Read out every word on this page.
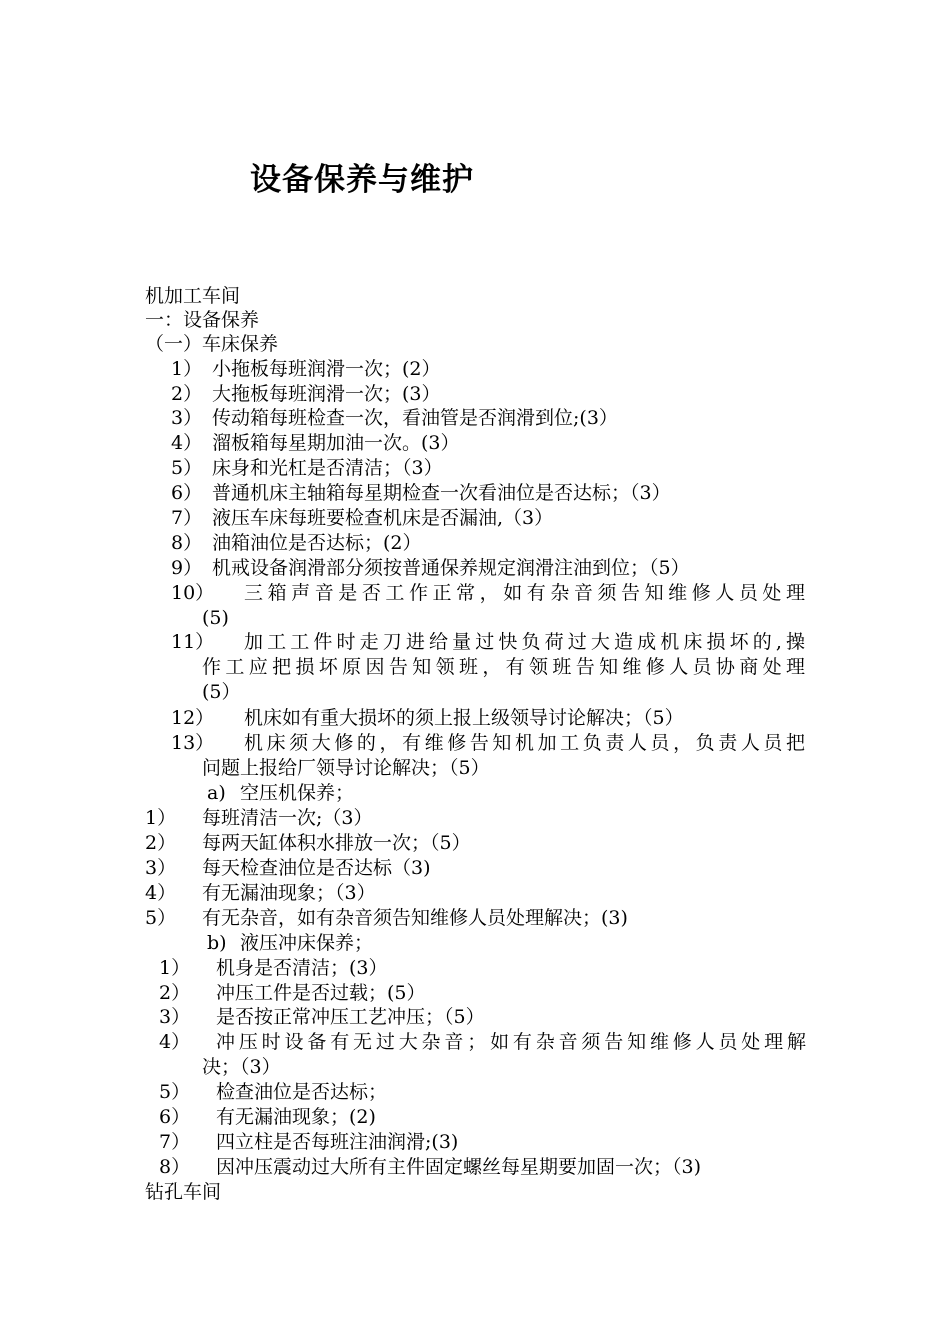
设备保养与维护
机加工车间
一：设备保养
（一）车床保养
1） 小拖板每班润滑一次；(2）
2） 大拖板每班润滑一次；(3）
3） 传动箱每班检查一次，看油管是否润滑到位;(3）
4） 溜板箱每星期加油一次。(3）
5） 床身和光杠是否清洁；（3）
6） 普通机床主轴箱每星期检查一次看油位是否达标；（3）
7） 液压车床每班要检查机床是否漏油,（3）
8） 油箱油位是否达标；(2）
9） 机戒设备润滑部分须按普通保养规定润滑注油到位；（5）
10） 三箱声音是否工作正常，如有杂音须告知维修人员处理
(5)
11） 加工工件时走刀进给量过快负荷过大造成机床损坏的,操
作工应把损坏原因告知领班，有领班告知维修人员协商处理
(5）
12） 机床如有重大损坏的须上报上级领导讨论解决；（5）
13） 机床须大修的，有维修告知机加工负责人员，负责人员把
问题上报给厂领导讨论解决；（5）
a) 空压机保养；
1） 每班清洁一次;（3）
2） 每两天缸体积水排放一次；（5）
3） 每天检查油位是否达标（3)
4） 有无漏油现象；（3）
5） 有无杂音，如有杂音须告知维修人员处理解决；(3)
b) 液压冲床保养；
1） 机身是否清洁；(3）
2） 冲压工件是否过载；(5）
3） 是否按正常冲压工艺冲压；（5）
4） 冲压时设备有无过大杂音；如有杂音须告知维修人员处理解
决；（3）
5） 检查油位是否达标；
6） 有无漏油现象；(2)
7） 四立柱是否每班注油润滑;(3)
8） 因冲压震动过大所有主件固定螺丝每星期要加固一次；（3)
钻孔车间
